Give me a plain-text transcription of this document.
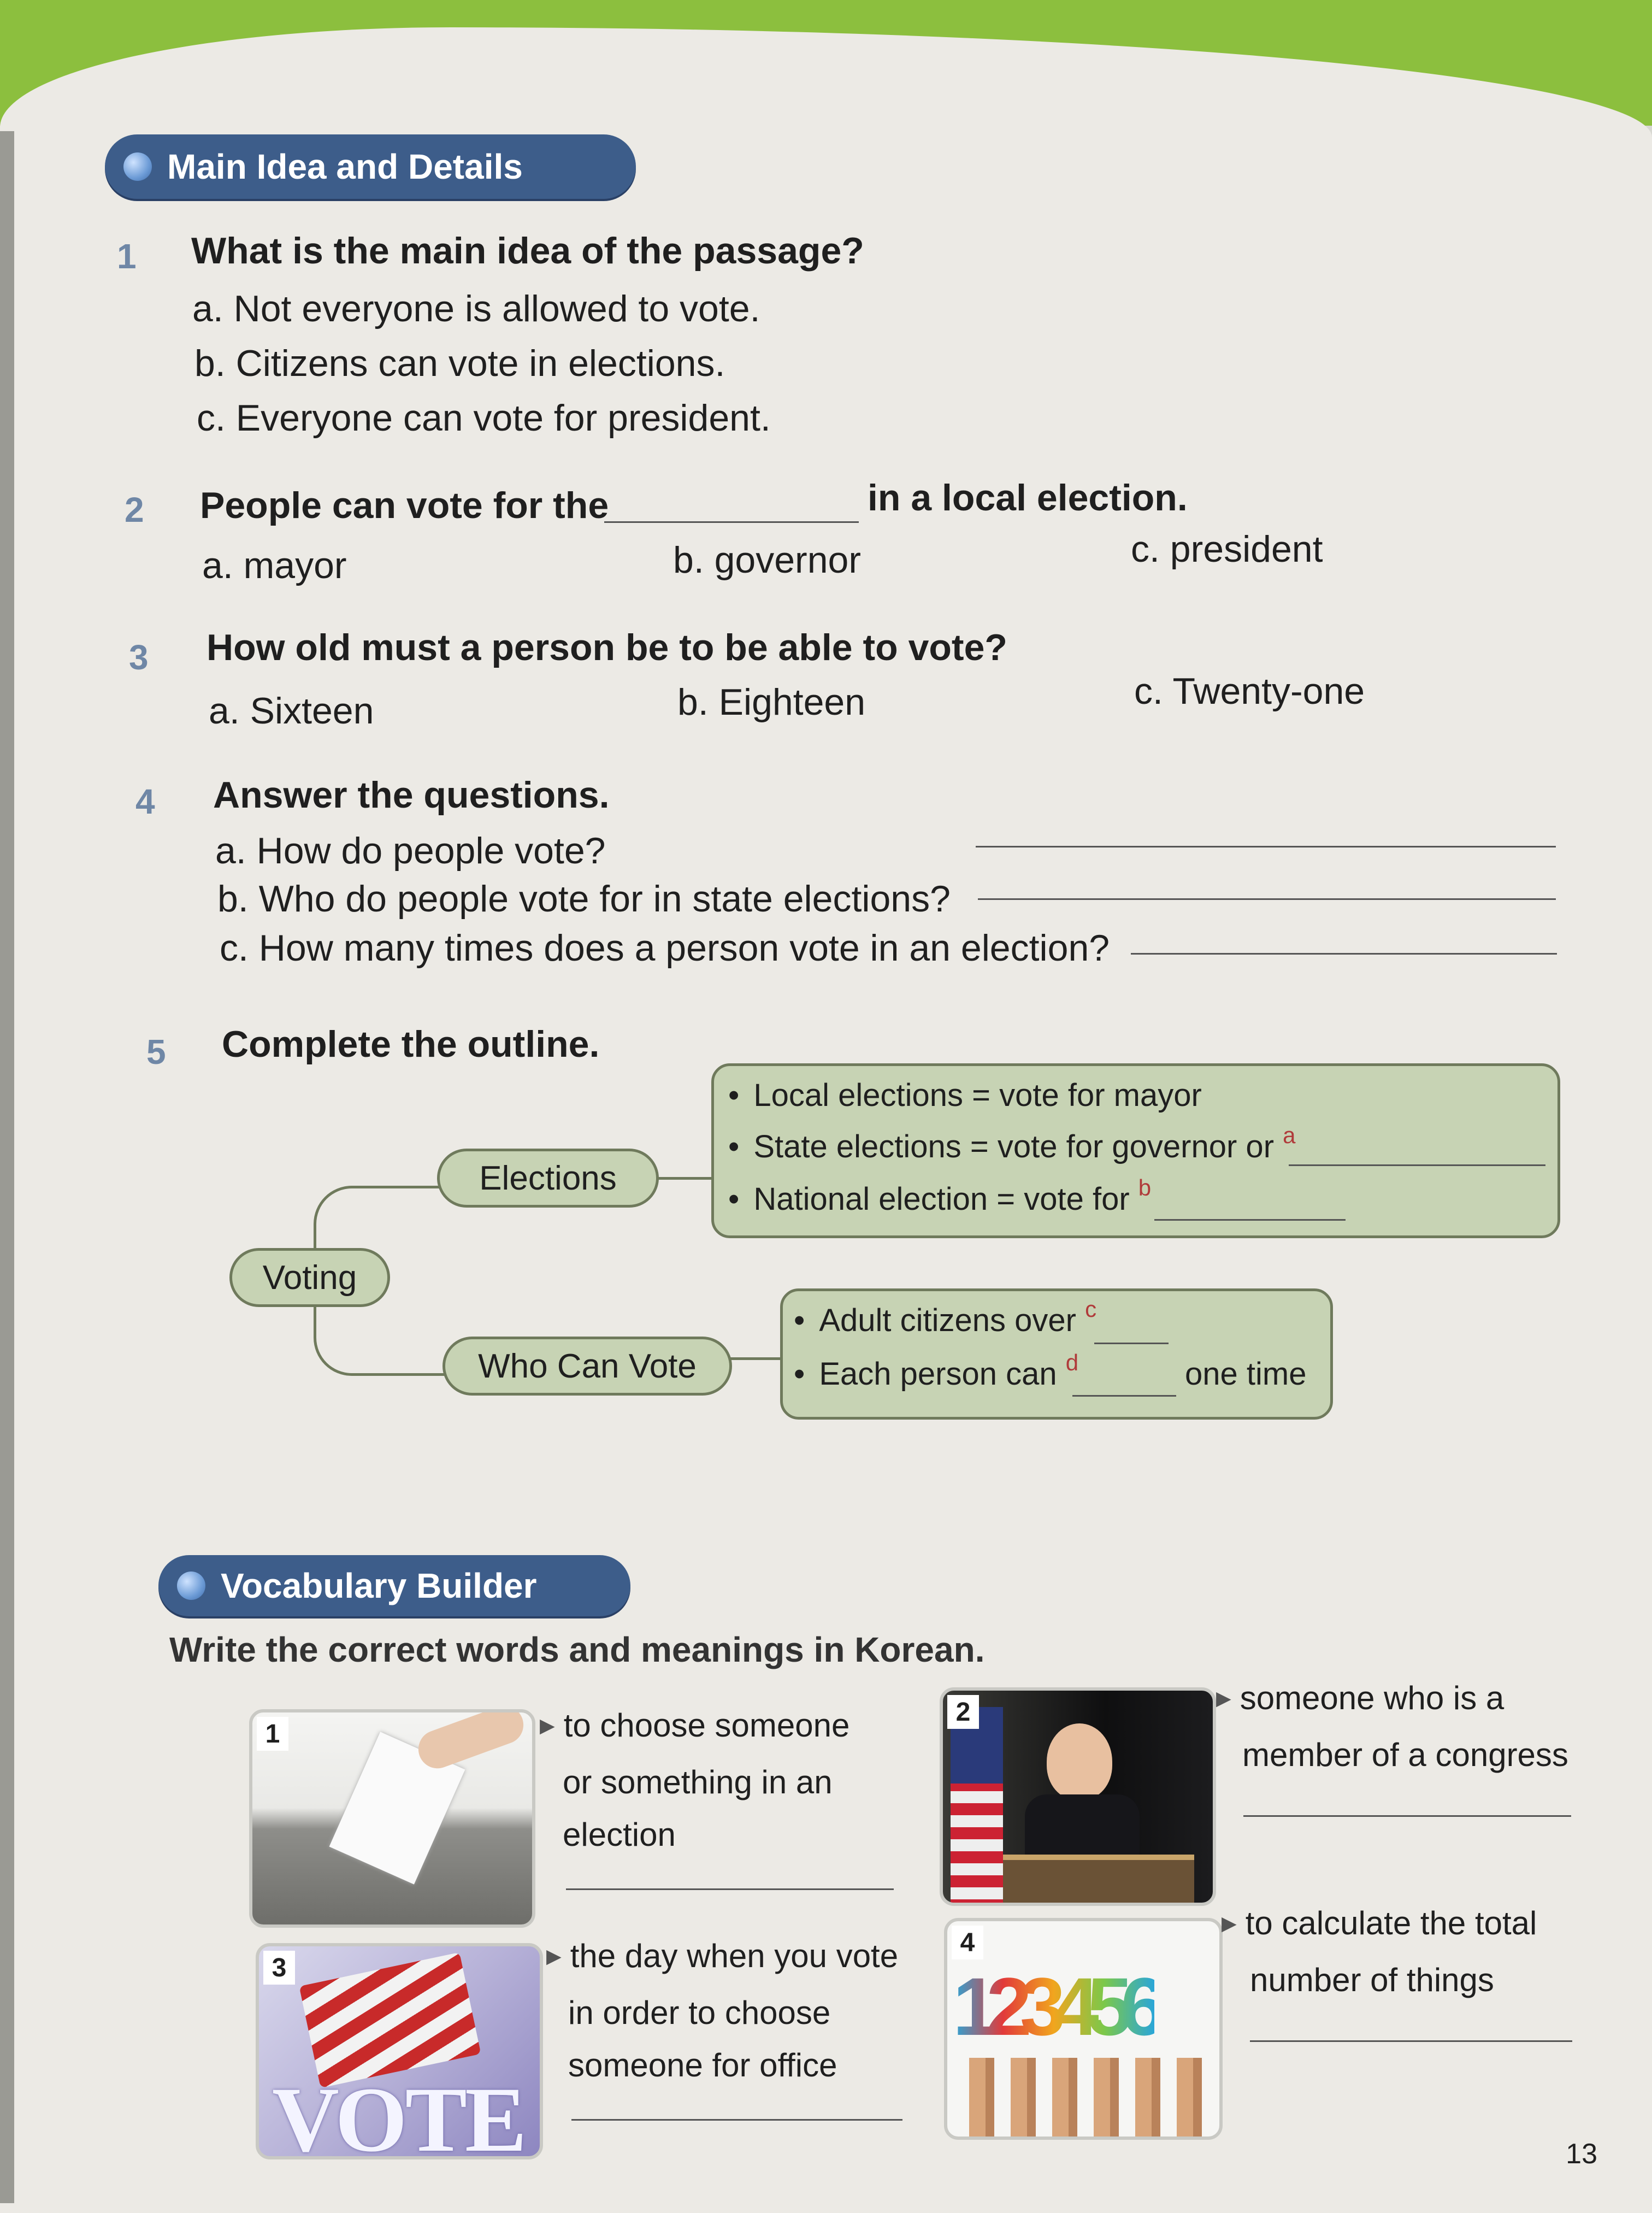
Main Idea and Details
1 What is the main idea of the passage?
a. Not everyone is allowed to vote.
b. Citizens can vote in elections.
c. Everyone can vote for president.
2 People can vote for the	in a local election.
a. mayor	b. governor	c. president
3 How old must a person be to be able to vote?
a. Sixteen	b. Eighteen	c. Twenty-one
4 Answer the questions.
a. How do people vote?
b. Who do people vote for in state elections?
c. How many times does a person vote in an election?
5 Complete the outline.
Voting
Elections
Who Can Vote
• Local elections = vote for mayor
• State elections = vote for governor or $^a$
• National election = vote for $^b$
• Adult citizens over $^c$
• Each person can $^d$	one time
Vocabulary Builder
Write the correct words and meanings in Korean.
1	▶ to choose someone
or something in an
election
2	▶ someone who is a
member of a congress
VOTE
3	▶ the day when you vote
in order to choose
someone for office
123456
4
▶ to calculate the total
number of things
13
